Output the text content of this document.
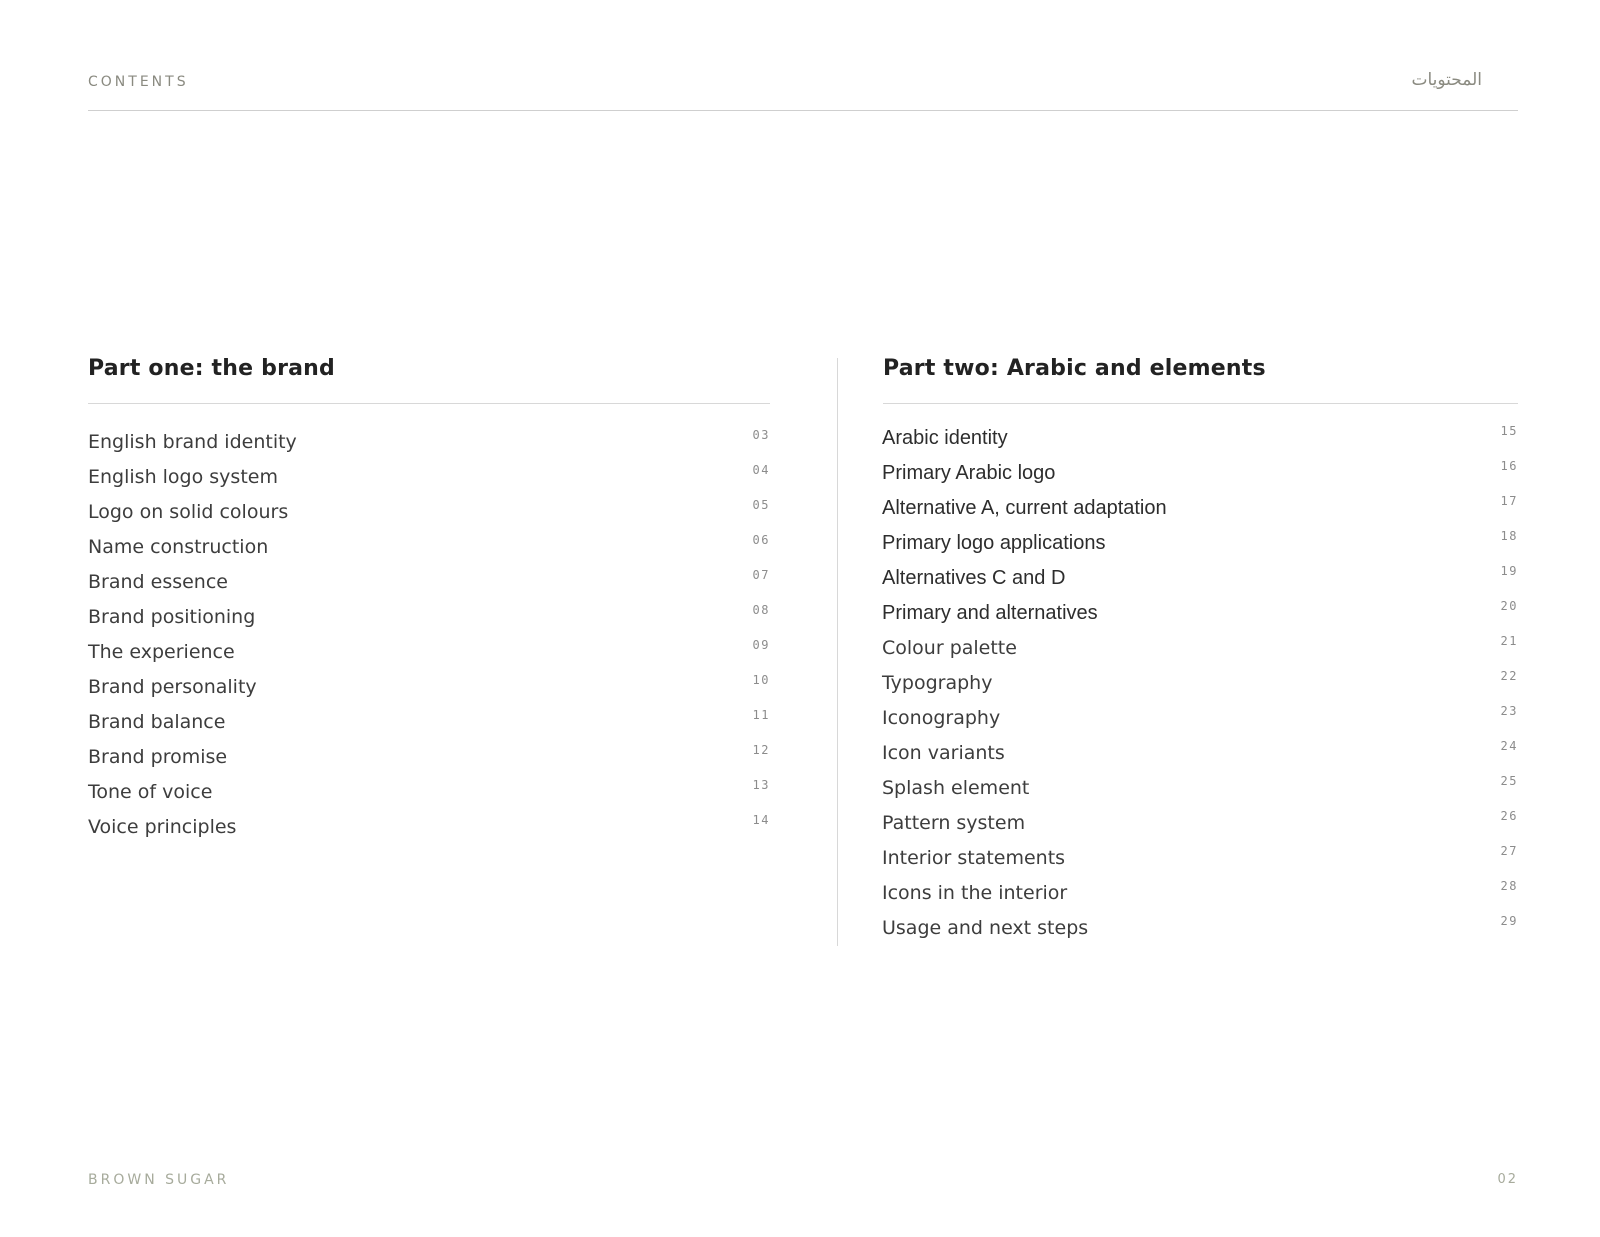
CONTENTS	المحتويات
Part one: the brand
English brand identity	03
English logo system	04
Logo on solid colours	05
Name construction	06
Brand essence	07
Brand positioning	08
The experience	09
Brand personality	10
Brand balance	11
Brand promise	12
Tone of voice	13
Voice principles	14
Part two: Arabic and elements
Arabic identity	15
Primary Arabic logo	16
Alternative A, current adaptation	17
Primary logo applications	18
Alternatives C and D	19
Primary and alternatives	20
Colour palette	21
Typography	22
Iconography	23
Icon variants	24
Splash element	25
Pattern system	26
Interior statements	27
Icons in the interior	28
Usage and next steps	29
BROWN SUGAR	02
